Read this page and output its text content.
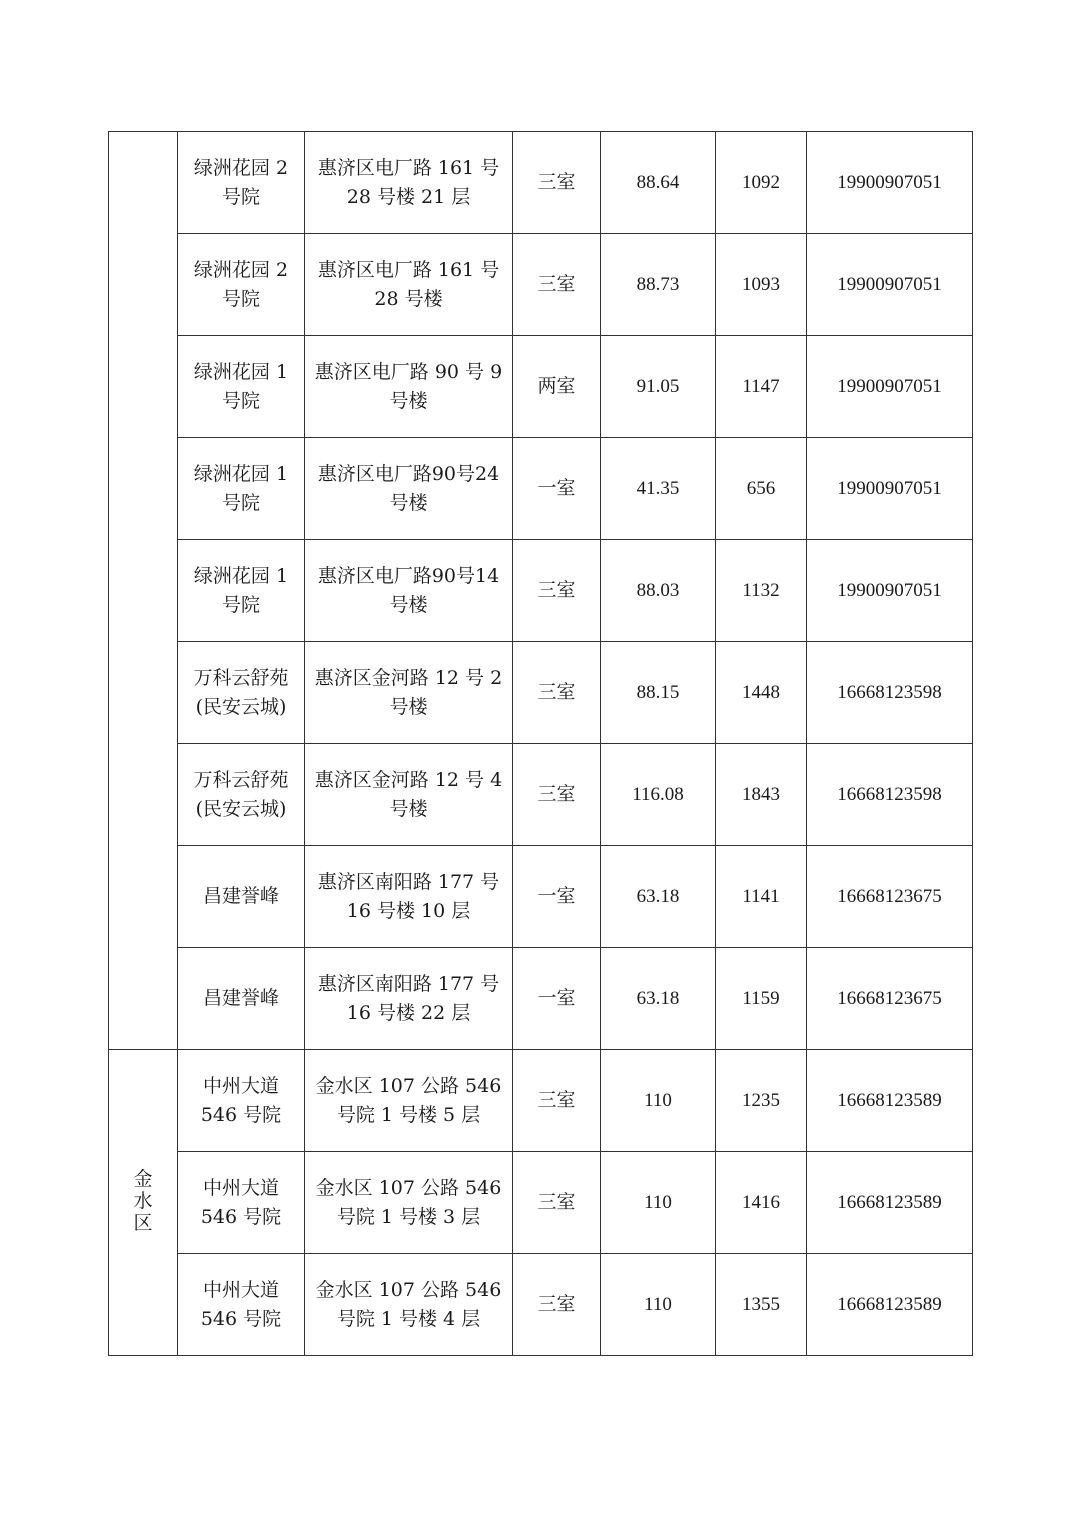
	绿洲花园 2 号院	惠济区电厂路 161 号 28 号楼 21 层	三室	88.64	1092	19900907051
	绿洲花园 2 号院	惠济区电厂路 161 号 28 号楼	三室	88.73	1093	19900907051
	绿洲花园 1 号院	惠济区电厂路 90 号 9 号楼	两室	91.05	1147	19900907051
	绿洲花园 1 号院	惠济区电厂路90号24号楼	一室	41.35	656	19900907051
	绿洲花园 1 号院	惠济区电厂路90号14号楼	三室	88.03	1132	19900907051
	万科云舒苑(民安云城)	惠济区金河路 12 号 2 号楼	三室	88.15	1448	16668123598
	万科云舒苑(民安云城)	惠济区金河路 12 号 4 号楼	三室	116.08	1843	16668123598
	昌建誉峰	惠济区南阳路 177 号 16 号楼 10 层	一室	63.18	1141	16668123675
	昌建誉峰	惠济区南阳路 177 号 16 号楼 22 层	一室	63.18	1159	16668123675
金水区	中州大道 546 号院	金水区 107 公路 546 号院 1 号楼 5 层	三室	110	1235	16668123589
	中州大道 546 号院	金水区 107 公路 546 号院 1 号楼 3 层	三室	110	1416	16668123589
	中州大道 546 号院	金水区 107 公路 546 号院 1 号楼 4 层	三室	110	1355	16668123589
